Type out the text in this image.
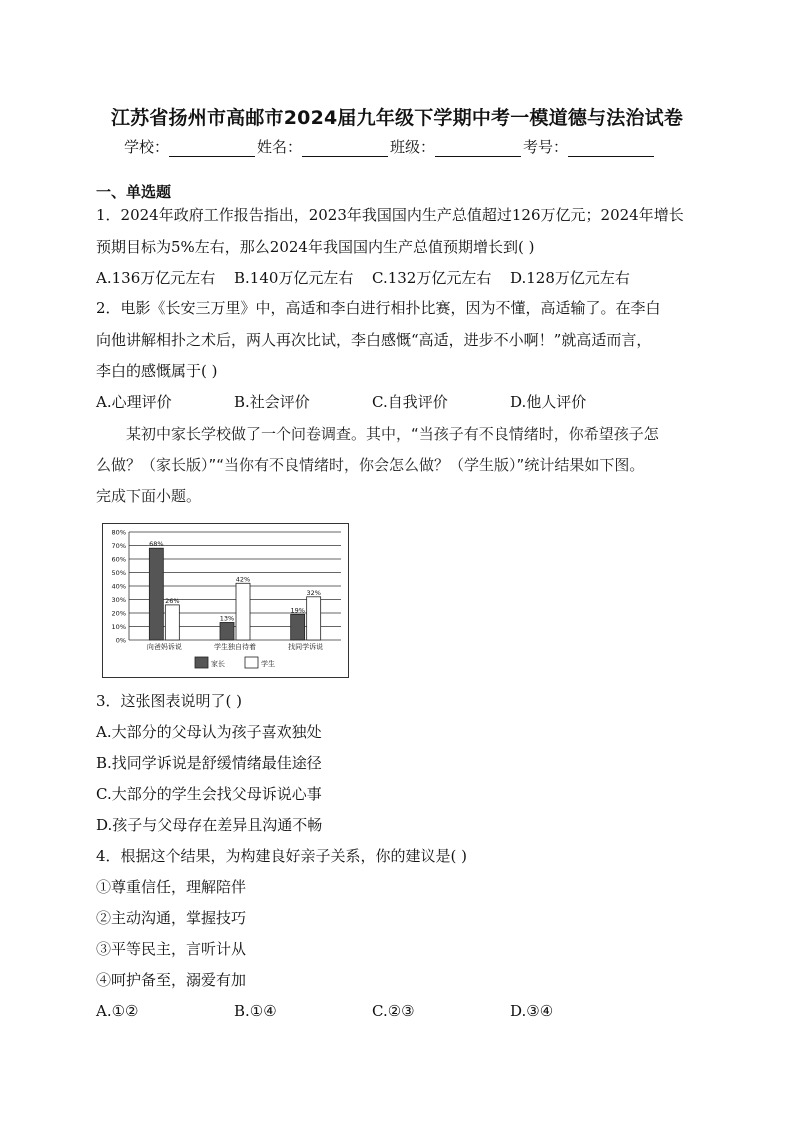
江苏省扬州市高邮市2024届九年级下学期中考一模道德与法治试卷
学校：	姓名：	班级：	考号：
一、单选题
1．2024年政府工作报告指出，2023年我国国内生产总值超过126万亿元；2024年增长
预期目标为5%左右，那么2024年我国国内生产总值预期增长到( )
A.136万亿元左右	B.140万亿元左右	C.132万亿元左右	D.128万亿元左右
2．电影《长安三万里》中，高适和李白进行相扑比赛，因为不懂，高适输了。在李白
向他讲解相扑之术后，两人再次比试，李白感慨“高适，进步不小啊！”就高适而言，
李白的感慨属于( )
A.心理评价	B.社会评价	C.自我评价	D.他人评价
某初中家长学校做了一个问卷调查。其中，“当孩子有不良情绪时，你希望孩子怎
么做？（家长版）”“当你有不良情绪时，你会怎么做？（学生版）”统计结果如下图。
完成下面小题。
0%
10%
20%
30%
40%
50%
60%
70%
80%
68%
26%
向爸妈诉说
13%
42%
学生独自待着
19%
32%
找同学诉说
家长	学生
3．这张图表说明了( )
A.大部分的父母认为孩子喜欢独处
B.找同学诉说是舒缓情绪最佳途径
C.大部分的学生会找父母诉说心事
D.孩子与父母存在差异且沟通不畅
4．根据这个结果，为构建良好亲子关系，你的建议是( )
①尊重信任，理解陪伴
②主动沟通，掌握技巧
③平等民主，言听计从
④呵护备至，溺爱有加
A.①②	B.①④	C.②③	D.③④
